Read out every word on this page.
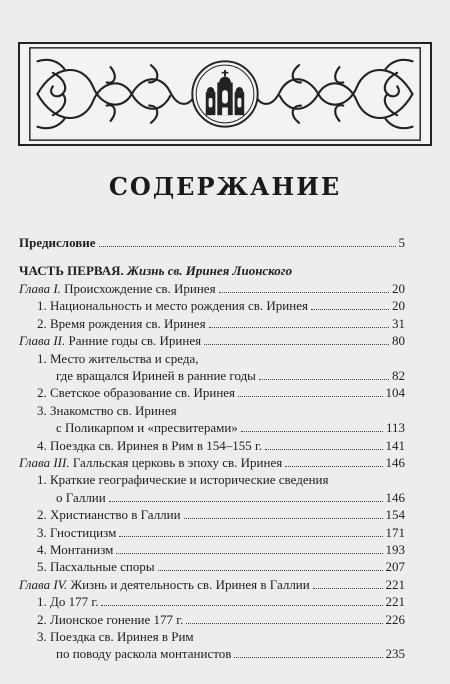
СОДЕРЖАНИЕ
Предисловие	5
ЧАСТЬ ПЕРВАЯ.
Жизнь св. Иринея Лионского
Глава I. Происхождение св. Иринея	20
1. Национальность и место рождения св. Иринея	20
2. Время рождения св. Иринея	31
Глава II. Ранние годы св. Иринея	80
1. Место жительства и среда,
где вращался Ириней в ранние годы	82
2. Светское образование св. Иринея	104
3. Знакомство св. Иринея
с Поликарпом и «пресвитерами»	113
4. Поездка св. Иринея в Рим в 154–155 г.	141
Глава III. Галльская церковь в эпоху св. Иринея	146
1. Краткие географические и исторические сведения
о Галлии	146
2. Христианство в Галлии	154
3. Гностицизм	171
4. Монтанизм	193
5. Пасхальные споры	207
Глава IV. Жизнь и деятельность св. Иринея в Галлии	221
1. До 177 г.	221
2. Лионское гонение 177 г.	226
3. Поездка св. Иринея в Рим
по поводу раскола монтанистов	235
